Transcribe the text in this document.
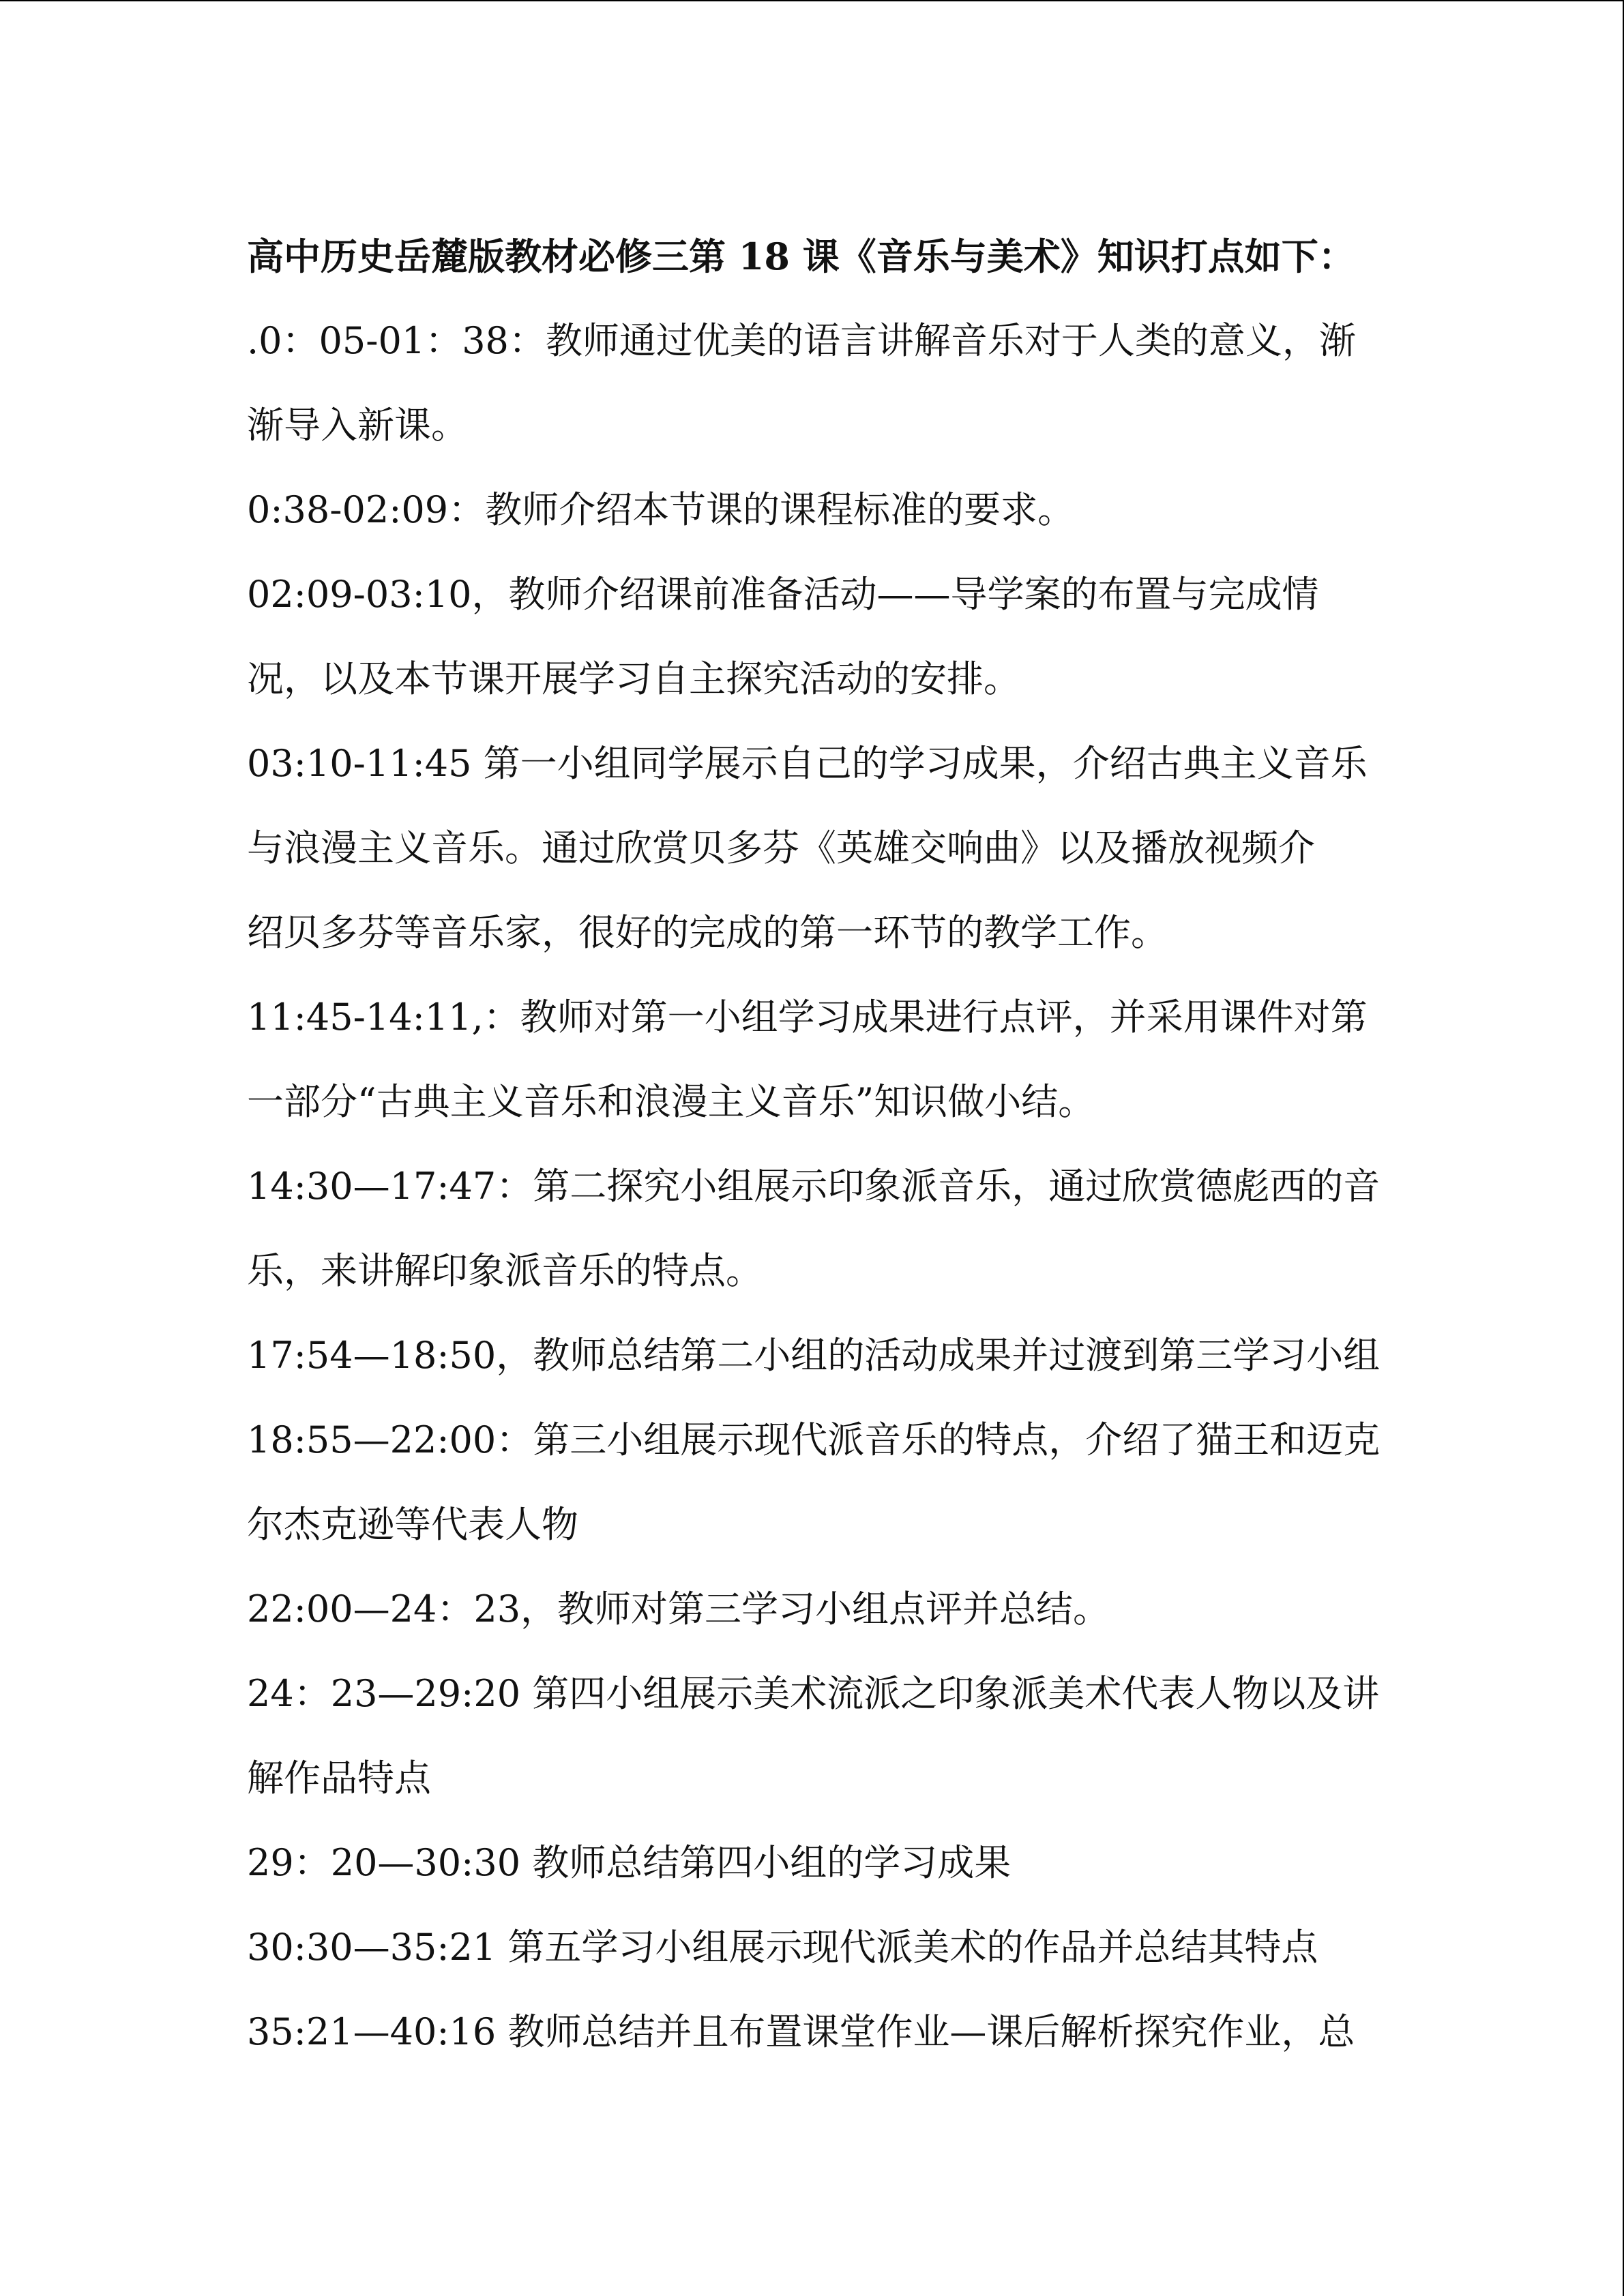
高中历史岳麓版教材必修三第 18 课《音乐与美术》知识打点如下：

.0：05-01：38：教师通过优美的语言讲解音乐对于人类的意义，渐

渐导入新课。

0:38-02:09：教师介绍本节课的课程标准的要求。

02:09-03:10，教师介绍课前准备活动——导学案的布置与完成情

况，以及本节课开展学习自主探究活动的安排。

03:10-11:45 第一小组同学展示自己的学习成果，介绍古典主义音乐

与浪漫主义音乐。通过欣赏贝多芬《英雄交响曲》以及播放视频介

绍贝多芬等音乐家，很好的完成的第一环节的教学工作。

11:45-14:11,：教师对第一小组学习成果进行点评，并采用课件对第

一部分“古典主义音乐和浪漫主义音乐”知识做小结。

14:30—17:47：第二探究小组展示印象派音乐，通过欣赏德彪西的音

乐，来讲解印象派音乐的特点。

17:54—18:50，教师总结第二小组的活动成果并过渡到第三学习小组

18:55—22:00：第三小组展示现代派音乐的特点，介绍了猫王和迈克

尔杰克逊等代表人物

22:00—24：23，教师对第三学习小组点评并总结。

24：23—29:20 第四小组展示美术流派之印象派美术代表人物以及讲

解作品特点

29：20—30:30 教师总结第四小组的学习成果

30:30—35:21 第五学习小组展示现代派美术的作品并总结其特点

35:21—40:16 教师总结并且布置课堂作业—课后解析探究作业，总
